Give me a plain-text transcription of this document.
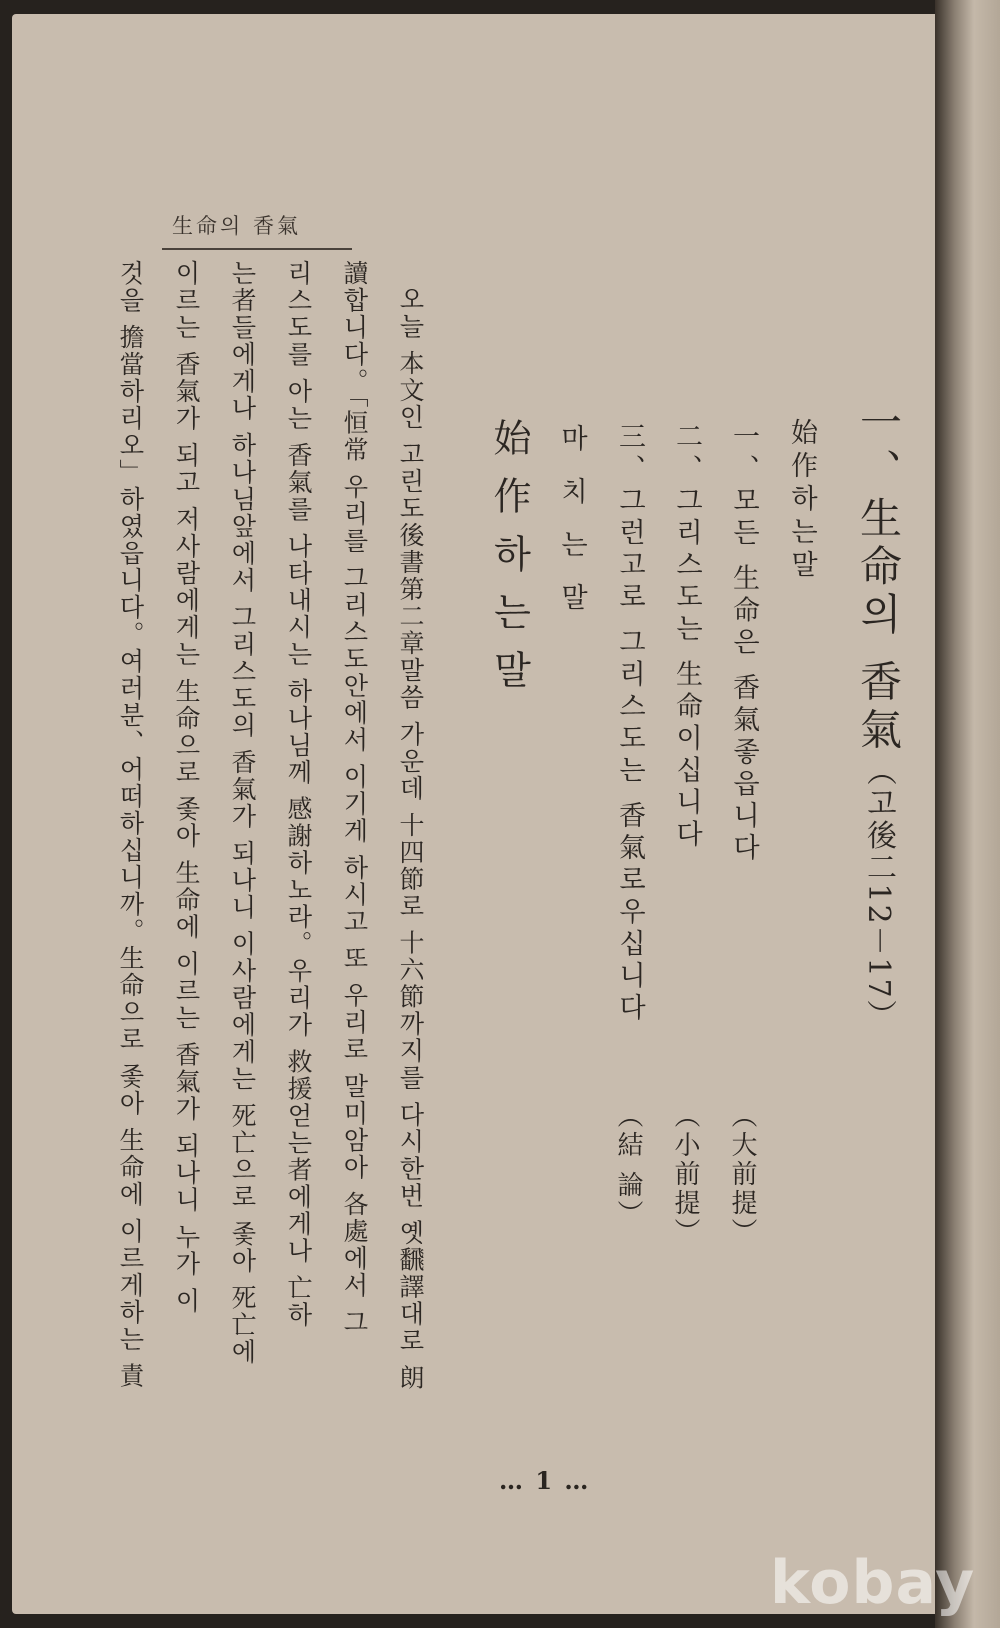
一、生命의 香氣（고後二12－17）
始作하는말
一、모든 生命은 香氣좋읍니다
（大前提）
二、그리스도는 生命이십니다
（小前提）
三、그런고로 그리스도는 香氣로우십니다
（結 論）
마치는말
始作하는말
오늘 本文인 고린도後書第二章말씀 가운데 十四節로 十六節까지를 다시한번 옛飜譯대로 朗
讀합니다。「恒常 우리를 그리스도안에서 이기게 하시고 또 우리로 말미암아 各處에서 그
리스도를 아는 香氣를 나타내시는 하나님께 感謝하노라。우리가 救援얻는者에게나 亡하
는者들에게나 하나님앞에서 그리스도의 香氣가 되나니 이사람에게는 死亡으로 좇아 死亡에
이르는 香氣가 되고 저사람에게는 生命으로 좇아 生命에 이르는 香氣가 되나니 누가 이
것을 擔當하리오」하였읍니다。여러분、어떠하십니까。生命으로 좇아 生命에 이르게하는 責
生命의 香氣
… 1 …
kobay
